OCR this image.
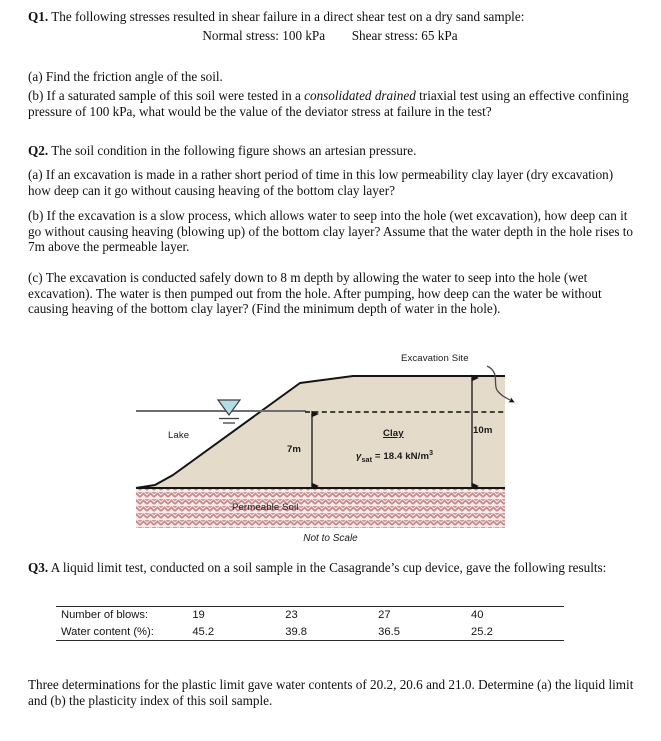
Q1. The following stresses resulted in shear failure in a direct shear test on a dry sand sample:
Normal stress: 100 kPa Shear stress: 65 kPa
(a) Find the friction angle of the soil.
(b) If a saturated sample of this soil were tested in a consolidated drained triaxial test using an effective confining pressure of 100 kPa, what would be the value of the deviator stress at failure in the test?
Q2. The soil condition in the following figure shows an artesian pressure.
(a) If an excavation is made in a rather short period of time in this low permeability clay layer (dry excavation) how deep can it go without causing heaving of the bottom clay layer?
(b) If the excavation is a slow process, which allows water to seep into the hole (wet excavation), how deep can it go without causing heaving (blowing up) of the bottom clay layer? Assume that the water depth in the hole rises to 7m above the permeable layer.
(c) The excavation is conducted safely down to 8 m depth by allowing the water to seep into the hole (wet excavation). The water is then pumped out from the hole. After pumping, how deep can the water be without causing heaving of the bottom clay layer? (Find the minimum depth of water in the hole).
Excavation Site
Lake	Clay
$\gamma_{sat} = 18.4$ $kN/m^3$
7m
10m
Permeable Soil
Not to Scale
Q3. A liquid limit test, conducted on a soil sample in the Casagrande’s cup device, gave the following results:
Number of blows:	19	23	27	40
Water content (%):	45.2	39.8	36.5	25.2
Three determinations for the plastic limit gave water contents of 20.2, 20.6 and 21.0. Determine (a) the liquid limit and (b) the plasticity index of this soil sample.
